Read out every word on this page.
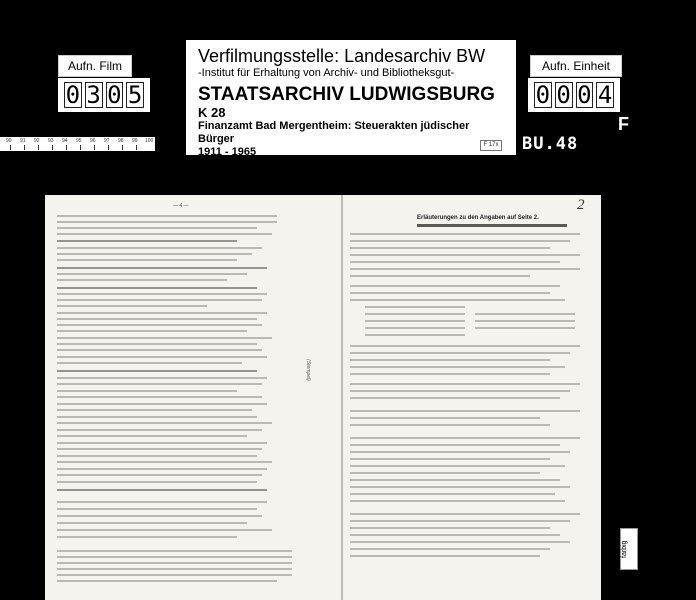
Aufn. Film
0 3 0 5
Aufn. Einheit
0 0 0 4
Verfilmungsstelle: Landesarchiv BW
-Institut für Erhaltung von Archiv- und Bibliotheksgut-
STAATSARCHIV LUDWIGSBURG
K 28
Finanzamt Bad Mergentheim: Steuerakten jüdischer Bürger
1911 - 1965
90 91 92 93 94 95 96 97 98 99 100
F 17x BU.48
F
— 4 —
(Stempel)
Erläuterungen zu den Angaben auf Seite 2.
2
farbig
